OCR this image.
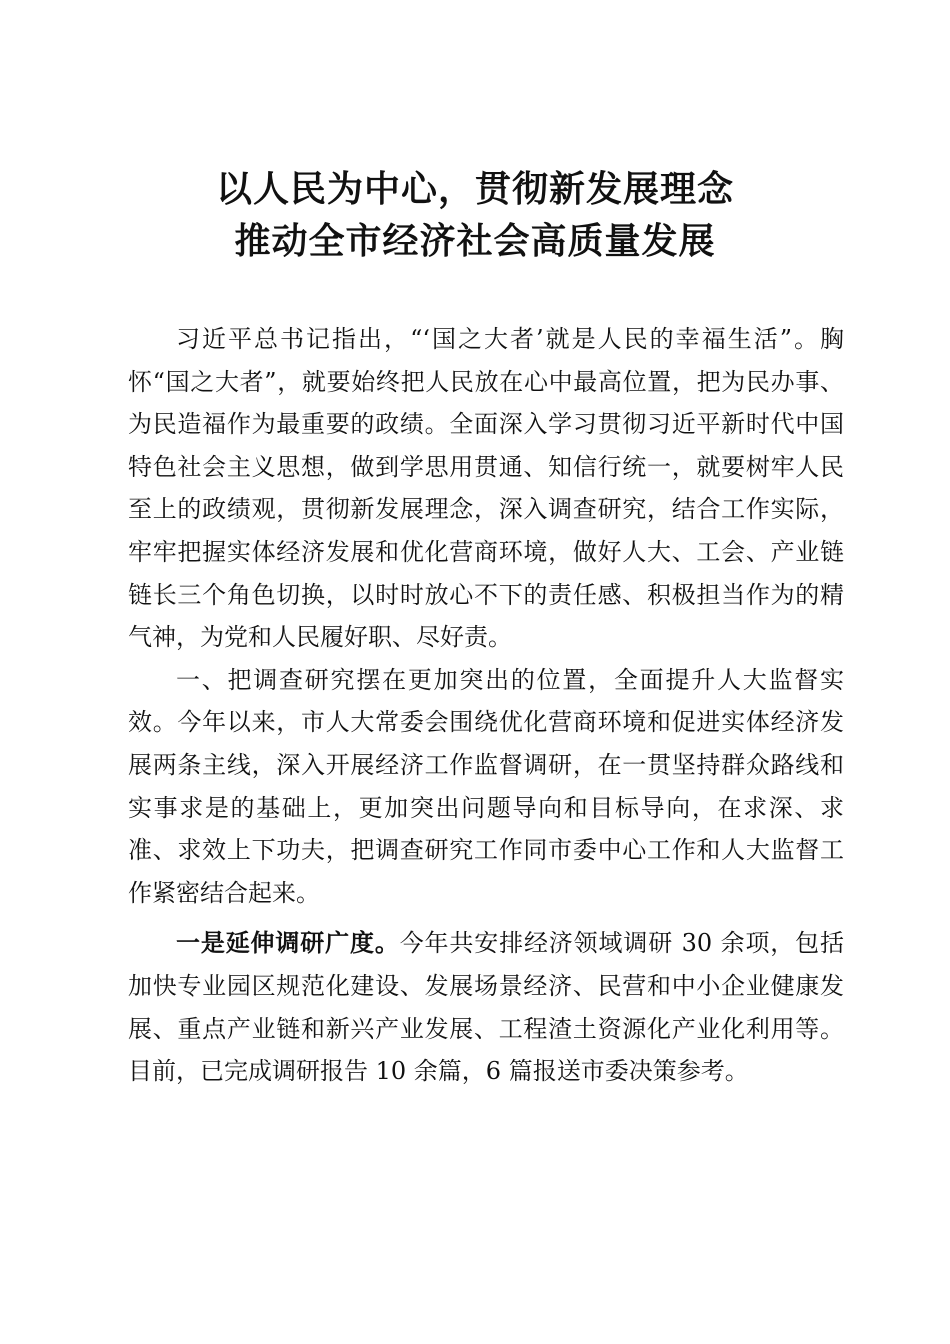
以人民为中心，贯彻新发展理念
推动全市经济社会高质量发展

习近平总书记指出，“‘国之大者’就是人民的幸福生活”。胸怀“国之大者”，就要始终把人民放在心中最高位置，把为民办事、为民造福作为最重要的政绩。全面深入学习贯彻习近平新时代中国特色社会主义思想，做到学思用贯通、知信行统一，就要树牢人民至上的政绩观，贯彻新发展理念，深入调查研究，结合工作实际，牢牢把握实体经济发展和优化营商环境，做好人大、工会、产业链链长三个角色切换，以时时放心不下的责任感、积极担当作为的精气神，为党和人民履好职、尽好责。

一、把调查研究摆在更加突出的位置，全面提升人大监督实效。今年以来，市人大常委会围绕优化营商环境和促进实体经济发展两条主线，深入开展经济工作监督调研，在一贯坚持群众路线和实事求是的基础上，更加突出问题导向和目标导向，在求深、求准、求效上下功夫，把调查研究工作同市委中心工作和人大监督工作紧密结合起来。

一是延伸调研广度。今年共安排经济领域调研 30 余项，包括加快专业园区规范化建设、发展场景经济、民营和中小企业健康发展、重点产业链和新兴产业发展、工程渣土资源化产业化利用等。目前，已完成调研报告 10 余篇，6 篇报送市委决策参考。
